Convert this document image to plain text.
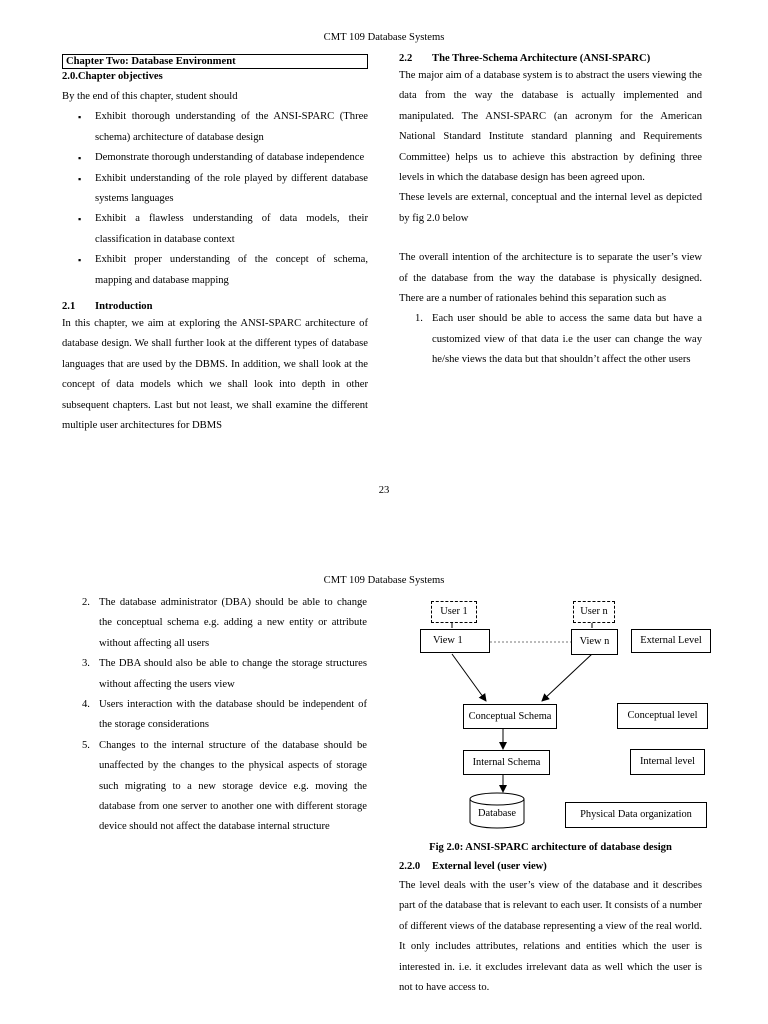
CMT 109 Database Systems
Chapter Two: Database Environment
2.0.Chapter objectives

By the end of this chapter, student should

▪ Exhibit thorough understanding of the ANSI-SPARC (Three schema) architecture of database design
▪ Demonstrate thorough understanding of database independence
▪ Exhibit understanding of the role played by different database systems languages
▪ Exhibit a flawless understanding of data models, their classification in database context
▪ Exhibit proper understanding of the concept of schema, mapping and database mapping
2.1 Introduction

In this chapter, we aim at exploring the ANSI-SPARC architecture of database design. We shall further look at the different types of database languages that are used by the DBMS. In addition, we shall look at the concept of data models which we shall look into depth in other subsequent chapters. Last but not least, we shall examine the different multiple user architectures for DBMS

2.2 The Three-Schema Architecture (ANSI-SPARC)

The major aim of a database system is to abstract the users viewing the data from the way the database is actually implemented and manipulated. The ANSI-SPARC (an acronym for the American National Standard Institute standard planning and Requirements Committee) helps us to achieve this abstraction by defining three levels in which the database design has been agreed upon.

These levels are external, conceptual and the internal level as depicted by fig 2.0 below

The overall intention of the architecture is to separate the user’s view of the database from the way the database is physically designed. There are a number of rationales behind this separation such as

1. Each user should be able to access the same data but have a customized view of that data i.e the user can change the way he/she views the data but that shouldn’t affect the other users
23
CMT 109 Database Systems
2. The database administrator (DBA) should be able to change the conceptual schema e.g. adding a new entity or attribute without affecting all users
3. The DBA should also be able to change the storage structures without affecting the users view
4. Users interaction with the database should be independent of the storage considerations
5. Changes to the internal structure of the database should be unaffected by the changes to the physical aspects of storage such migrating to a new storage device e.g. moving the database from one server to another one with different storage device should not affect the database internal structure
User 1	User n
View 1	View n	External Level
Conceptual Schema	Conceptual level
Internal Schema	Internal level
Database	Physical Data organization
Fig 2.0: ANSI-SPARC architecture of database design
2.2.0 External level (user view)

The level deals with the user’s view of the database and it describes part of the database that is relevant to each user. It consists of a number of different views of the database representing a view of the real world. It only includes attributes, relations and entities which the user is interested in. i.e. it excludes irrelevant data as well which the user is not to have access to.
